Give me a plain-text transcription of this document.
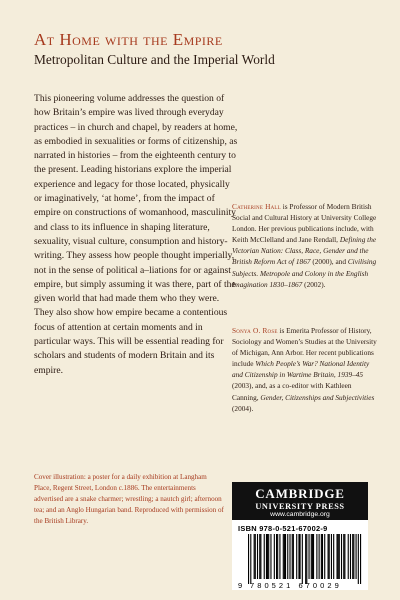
At Home with the Empire
Metropolitan Culture and the Imperial World

This pioneering volume addresses the question of how Britain’s empire was lived through everyday practices – in church and chapel, by readers at home, as embodied in sexualities or forms of citizenship, as narrated in histories – from the eighteenth century to the present. Leading historians explore the imperial experience and legacy for those located, physically or imaginatively, ‘at home’, from the impact of empire on constructions of womanhood, masculinity and class to its influence in shaping literature, sexuality, visual culture, consumption and history-writing. They assess how people thought imperially, not in the sense of political a–liations for or against empire, but simply assuming it was there, part of the given world that had made them who they were. They also show how empire became a contentious focus of attention at certain moments and in particular ways. This will be essential reading for scholars and students of modern Britain and its empire.

Catherine Hall is Professor of Modern British Social and Cultural History at University College London. Her previous publications include, with Keith McClelland and Jane Rendall, Defining the Victorian Nation: Class, Race, Gender and the British Reform Act of 1867 (2000), and Civilising Subjects. Metropole and Colony in the English Imagination 1830–1867 (2002).

Sonya O. Rose is Emerita Professor of History, Sociology and Women’s Studies at the University of Michigan, Ann Arbor. Her recent publications include Which People’s War? National Identity and Citizenship in Wartime Britain, 1939–45 (2003), and, as a co-editor with Kathleen Canning, Gender, Citizenships and Subjectivities (2004).

Cover illustration: a poster for a daily exhibition at Langham Place, Regent Street, London c.1886. The entertainments advertised are a snake charmer; wrestling; a nautch girl; afternoon tea; and an Anglo Hungarian band. Reproduced with permission of the British Library.

CAMBRIDGE
UNIVERSITY PRESS
www.cambridge.org
ISBN 978-0-521-67002-9
9 780521 670029
